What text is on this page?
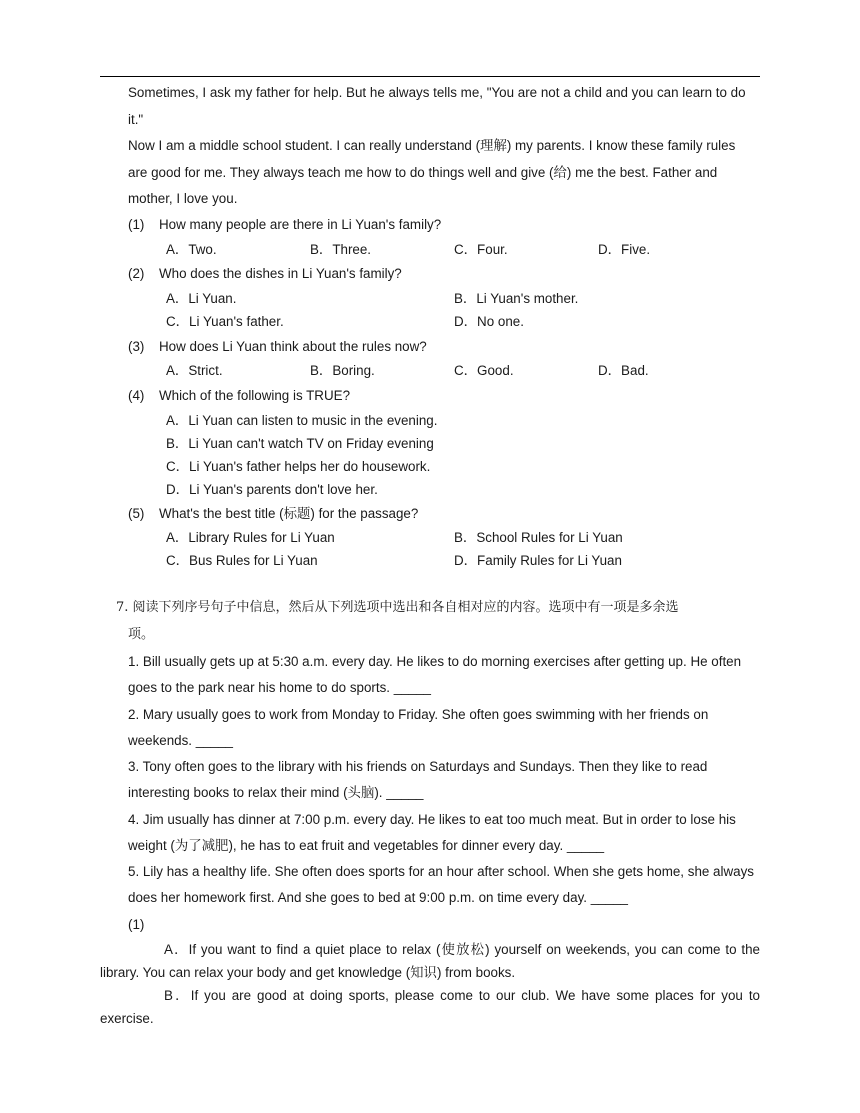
Sometimes, I ask my father for help. But he always tells me, "You are not a child and you can learn to do
it."
Now I am a middle school student. I can really understand (理解) my parents. I know these family rules
are good for me. They always teach me how to do things well and give (给) me the best. Father and
mother, I love you.
(1) How many people are there in Li Yuan's family?
A．Two.	B．Three.	C．Four.	D．Five.
(2) Who does the dishes in Li Yuan's family?
A．Li Yuan.	B．Li Yuan's mother.
C．Li Yuan's father.	D．No one.
(3) How does Li Yuan think about the rules now?
A．Strict.	B．Boring.	C．Good.	D．Bad.
(4) Which of the following is TRUE?
A．Li Yuan can listen to music in the evening.
B．Li Yuan can't watch TV on Friday evening
C．Li Yuan's father helps her do housework.
D．Li Yuan's parents don't love her.
(5) What's the best title (标题) for the passage?
A．Library Rules for Li Yuan	B．School Rules for Li Yuan
C．Bus Rules for Li Yuan	D．Family Rules for Li Yuan
7. 阅读下列序号句子中信息，然后从下列选项中选出和各自相对应的内容。选项中有一项是多余选
项。
1. Bill usually gets up at 5:30 a.m. every day. He likes to do morning exercises after getting up. He often
goes to the park near his home to do sports. _____
2. Mary usually goes to work from Monday to Friday. She often goes swimming with her friends on
weekends. _____
3. Tony often goes to the library with his friends on Saturdays and Sundays. Then they like to read
interesting books to relax their mind (头脑). _____
4. Jim usually has dinner at 7:00 p.m. every day. He likes to eat too much meat. But in order to lose his
weight (为了减肥), he has to eat fruit and vegetables for dinner every day. _____
5. Lily has a healthy life. She often does sports for an hour after school. When she gets home, she always
does her homework first. And she goes to bed at 9:00 p.m. on time every day. _____
(1)
A．If you want to find a quiet place to relax (使放松) yourself on weekends, you can come to the
library. You can relax your body and get knowledge (知识) from books.
B．If you are good at doing sports, please come to our club. We have some places for you to
exercise.
